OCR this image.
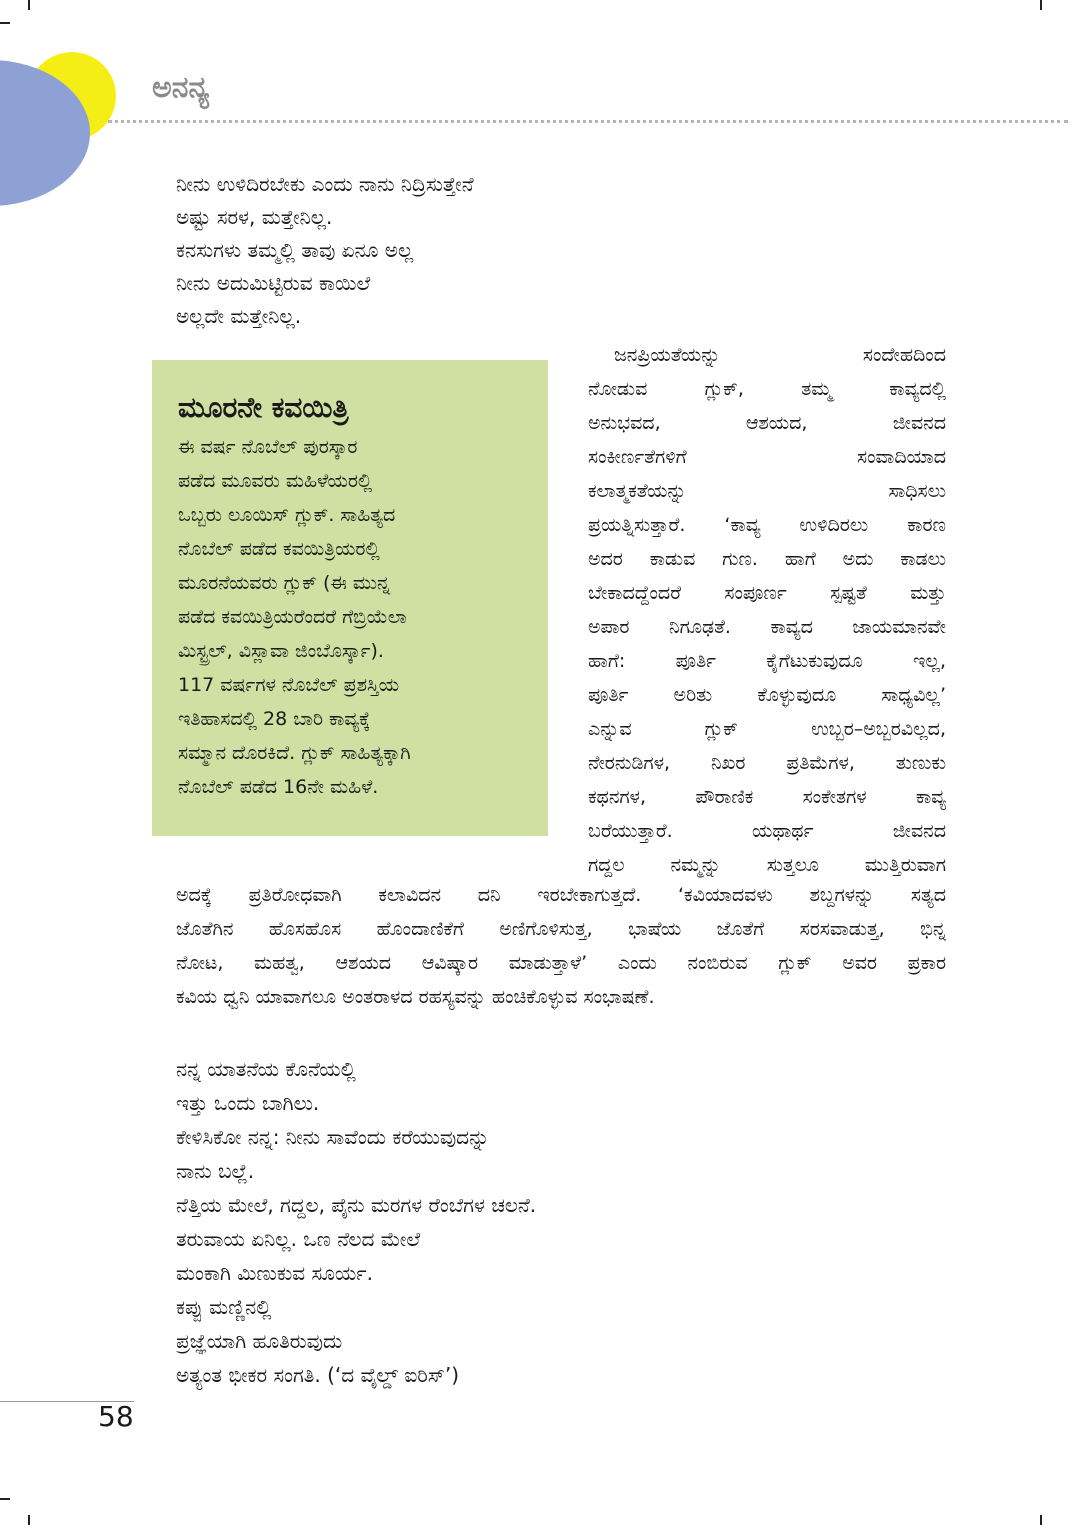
ಅನನ್ಯ
ನೀನು ಉಳಿದಿರಬೇಕು ಎಂದು ನಾನು ನಿದ್ರಿಸುತ್ತೇನೆ
ಅಷ್ಟು ಸರಳ, ಮತ್ತೇನಿಲ್ಲ.
ಕನಸುಗಳು ತಮ್ಮಲ್ಲಿ ತಾವು ಏನೂ ಅಲ್ಲ
ನೀನು ಅದುಮಿಟ್ಟಿರುವ ಕಾಯಿಲೆ
ಅಲ್ಲದೇ ಮತ್ತೇನಿಲ್ಲ.
ಮೂರನೇ ಕವಯಿತ್ರಿ

ಈ ವರ್ಷ ನೊಬೆಲ್ ಪುರಸ್ಕಾರ
ಪಡೆದ ಮೂವರು ಮಹಿಳೆಯರಲ್ಲಿ
ಒಬ್ಬರು ಲೂಯಿಸ್ ಗ್ಲುಕ್. ಸಾಹಿತ್ಯದ
ನೊಬೆಲ್ ಪಡೆದ ಕವಯಿತ್ರಿಯರಲ್ಲಿ
ಮೂರನೆಯವರು ಗ್ಲುಕ್ (ಈ ಮುನ್ನ
ಪಡೆದ ಕವಯಿತ್ರಿಯರೆಂದರೆ ಗೆಬ್ರಿಯೆಲಾ
ಮಿಸ್ಟ್ರಲ್, ವಿಸ್ಲಾವಾ ಜಿಂಬೊರ್ಸ್ಕಾ).
117 ವರ್ಷಗಳ ನೊಬೆಲ್ ಪ್ರಶಸ್ತಿಯ
ಇತಿಹಾಸದಲ್ಲಿ 28 ಬಾರಿ ಕಾವ್ಯಕ್ಕೆ
ಸಮ್ಮಾನ ದೊರಕಿದೆ. ಗ್ಲುಕ್ ಸಾಹಿತ್ಯಕ್ಕಾಗಿ
ನೊಬೆಲ್ ಪಡೆದ 16ನೇ ಮಹಿಳೆ.

ಜನಪ್ರಿಯತೆಯನ್ನು ಸಂದೇಹದಿಂದ
ನೋಡುವ ಗ್ಲುಕ್, ತಮ್ಮ ಕಾವ್ಯದಲ್ಲಿ
ಅನುಭವದ, ಆಶಯದ, ಜೀವನದ
ಸಂಕೀರ್ಣತೆಗಳಿಗೆ ಸಂವಾದಿಯಾದ
ಕಲಾತ್ಮಕತೆಯನ್ನು ಸಾಧಿಸಲು
ಪ್ರಯತ್ನಿಸುತ್ತಾರೆ. ‘ಕಾವ್ಯ ಉಳಿದಿರಲು ಕಾರಣ
ಅದರ ಕಾಡುವ ಗುಣ. ಹಾಗೆ ಅದು ಕಾಡಲು
ಬೇಕಾದದ್ದೆಂದರೆ ಸಂಪೂರ್ಣ ಸ್ಪಷ್ಟತೆ ಮತ್ತು
ಅಪಾರ ನಿಗೂಢತೆ. ಕಾವ್ಯದ ಜಾಯಮಾನವೇ
ಹಾಗೆ: ಪೂರ್ತಿ ಕೈಗೆಟುಕುವುದೂ ಇಲ್ಲ,
ಪೂರ್ತಿ ಅರಿತು ಕೊಳ್ಳುವುದೂ ಸಾಧ್ಯವಿಲ್ಲ’
ಎನ್ನುವ ಗ್ಲುಕ್ ಉಬ್ಬರ–ಅಬ್ಬರವಿಲ್ಲದ,
ನೇರನುಡಿಗಳ, ನಿಖರ ಪ್ರತಿಮೆಗಳ, ತುಣುಕು
ಕಥನಗಳ, ಪೌರಾಣಿಕ ಸಂಕೇತಗಳ ಕಾವ್ಯ
ಬರೆಯುತ್ತಾರೆ. ಯಥಾರ್ಥ ಜೀವನದ
ಗದ್ದಲ ನಮ್ಮನ್ನು ಸುತ್ತಲೂ ಮುತ್ತಿರುವಾಗ
ಅದಕ್ಕೆ ಪ್ರತಿರೋಧವಾಗಿ ಕಲಾವಿದನ ದನಿ ಇರಬೇಕಾಗುತ್ತದೆ. ‘ಕವಿಯಾದವಳು ಶಬ್ದಗಳನ್ನು ಸತ್ಯದ
ಜೊತೆಗಿನ ಹೊಸಹೊಸ ಹೊಂದಾಣಿಕೆಗೆ ಅಣಿಗೊಳಿಸುತ್ತ, ಭಾಷೆಯ ಜೊತೆಗೆ ಸರಸವಾಡುತ್ತ, ಭಿನ್ನ
ನೋಟ, ಮಹತ್ವ, ಆಶಯದ ಆವಿಷ್ಕಾರ ಮಾಡುತ್ತಾಳೆ’ ಎಂದು ನಂಬಿರುವ ಗ್ಲುಕ್ ಅವರ ಪ್ರಕಾರ
ಕವಿಯ ಧ್ವನಿ ಯಾವಾಗಲೂ ಅಂತರಾಳದ ರಹಸ್ಯವನ್ನು ಹಂಚಿಕೊಳ್ಳುವ ಸಂಭಾಷಣೆ.
ನನ್ನ ಯಾತನೆಯ ಕೊನೆಯಲ್ಲಿ
ಇತ್ತು ಒಂದು ಬಾಗಿಲು.
ಕೇಳಿಸಿಕೋ ನನ್ನ: ನೀನು ಸಾವೆಂದು ಕರೆಯುವುದನ್ನು
ನಾನು ಬಲ್ಲೆ.
ನೆತ್ತಿಯ ಮೇಲೆ, ಗದ್ದಲ, ಪೈನು ಮರಗಳ ರೆಂಬೆಗಳ ಚಲನೆ.
ತರುವಾಯ ಏನಿಲ್ಲ. ಒಣ ನೆಲದ ಮೇಲೆ
ಮಂಕಾಗಿ ಮಿಣುಕುವ ಸೂರ್ಯ.
ಕಪ್ಪು ಮಣ್ಣಿನಲ್ಲಿ
ಪ್ರಜ್ಞೆಯಾಗಿ ಹೂತಿರುವುದು
ಅತ್ಯಂತ ಭೀಕರ ಸಂಗತಿ. (‘ದ ವೈಲ್ಡ್ ಐರಿಸ್’)

58
